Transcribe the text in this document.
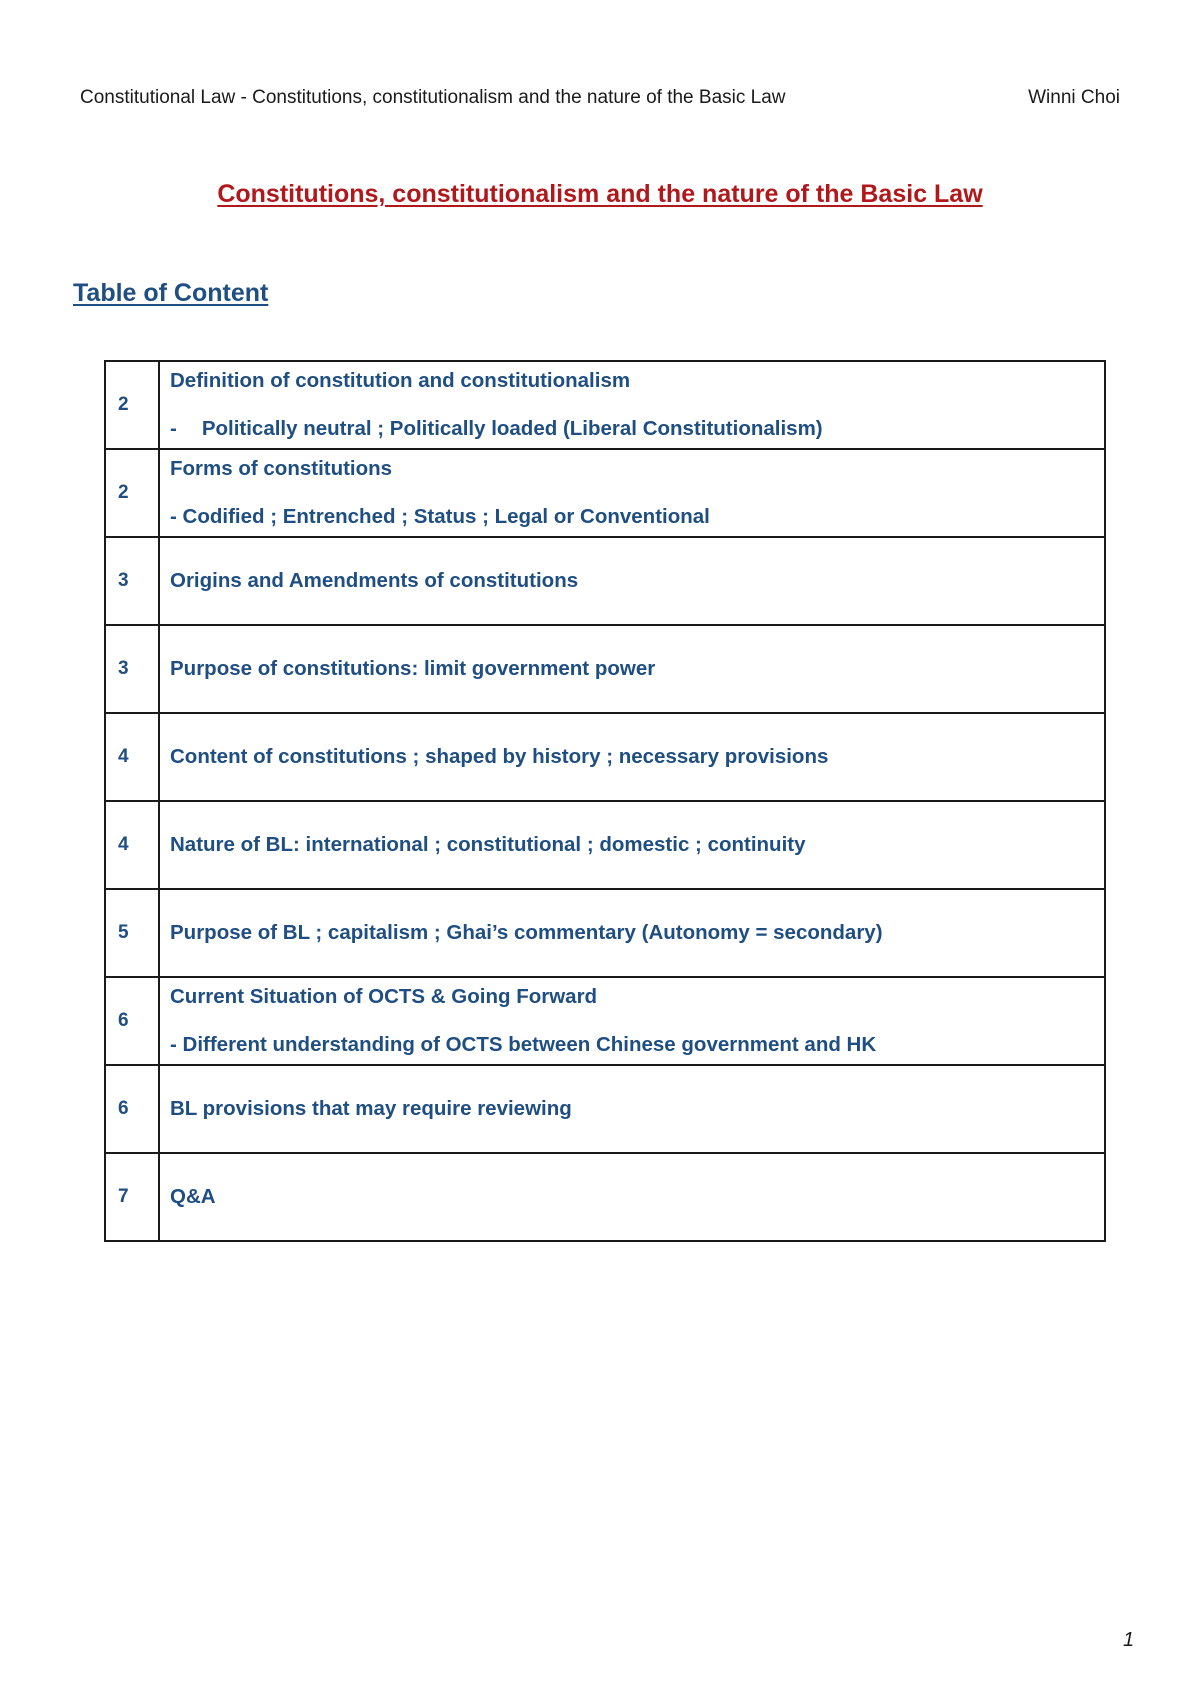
Constitutional Law - Constitutions, constitutionalism and the nature of the Basic Law	Winni Choi
Constitutions, constitutionalism and the nature of the Basic Law
Table of Content
2	Definition of constitution and constitutionalism
- Politically neutral ; Politically loaded (Liberal Constitutionalism)

2	Forms of constitutions
- Codified ; Entrenched ; Status ; Legal or Conventional

3	Origins and Amendments of constitutions
3	Purpose of constitutions: limit government power
4	Content of constitutions ; shaped by history ; necessary provisions
4	Nature of BL: international ; constitutional ; domestic ; continuity
5	Purpose of BL ; capitalism ; Ghai’s commentary (Autonomy = secondary)
6	Current Situation of OCTS & Going Forward
- Different understanding of OCTS between Chinese government and HK

6	BL provisions that may require reviewing
7	Q&A
1
